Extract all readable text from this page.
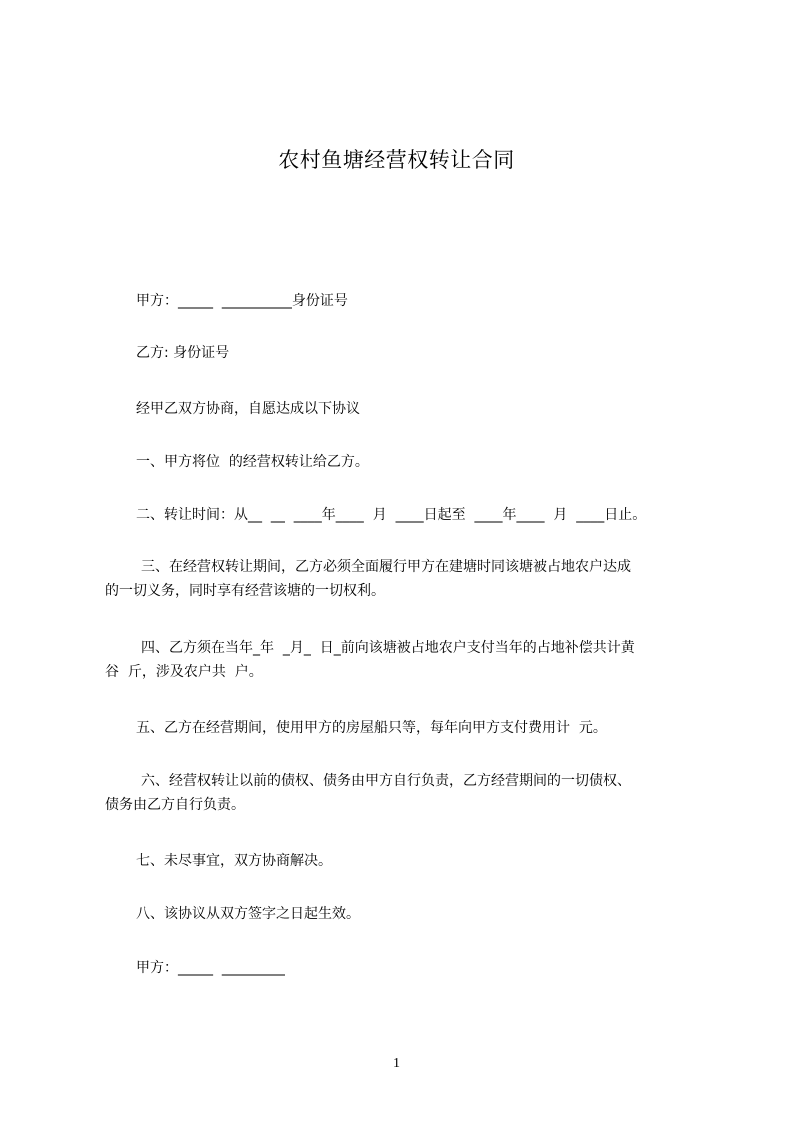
农村鱼塘经营权转让合同
甲方：_____  __________身份证号
乙方: 身份证号
经甲乙双方协商，自愿达成以下协议
一、甲方将位  的经营权转让给乙方。
二、转让时间：从__  __  ____年____  月  ____日起至  ____年____  月  ____日止。
三、在经营权转让期间，乙方必须全面履行甲方在建塘时同该塘被占地农户达成
的一切义务，同时享有经营该塘的一切权利。
四、乙方须在当年_年  _月_  日_前向该塘被占地农户支付当年的占地补偿共计黄
谷  斤，涉及农户共  户。
五、乙方在经营期间，使用甲方的房屋船只等，每年向甲方支付费用计  元。
六、经营权转让以前的债权、债务由甲方自行负责，乙方经营期间的一切债权、
债务由乙方自行负责。
七、未尽事宜，双方协商解决。
八、该协议从双方签字之日起生效。
甲方：_____  _________
1
